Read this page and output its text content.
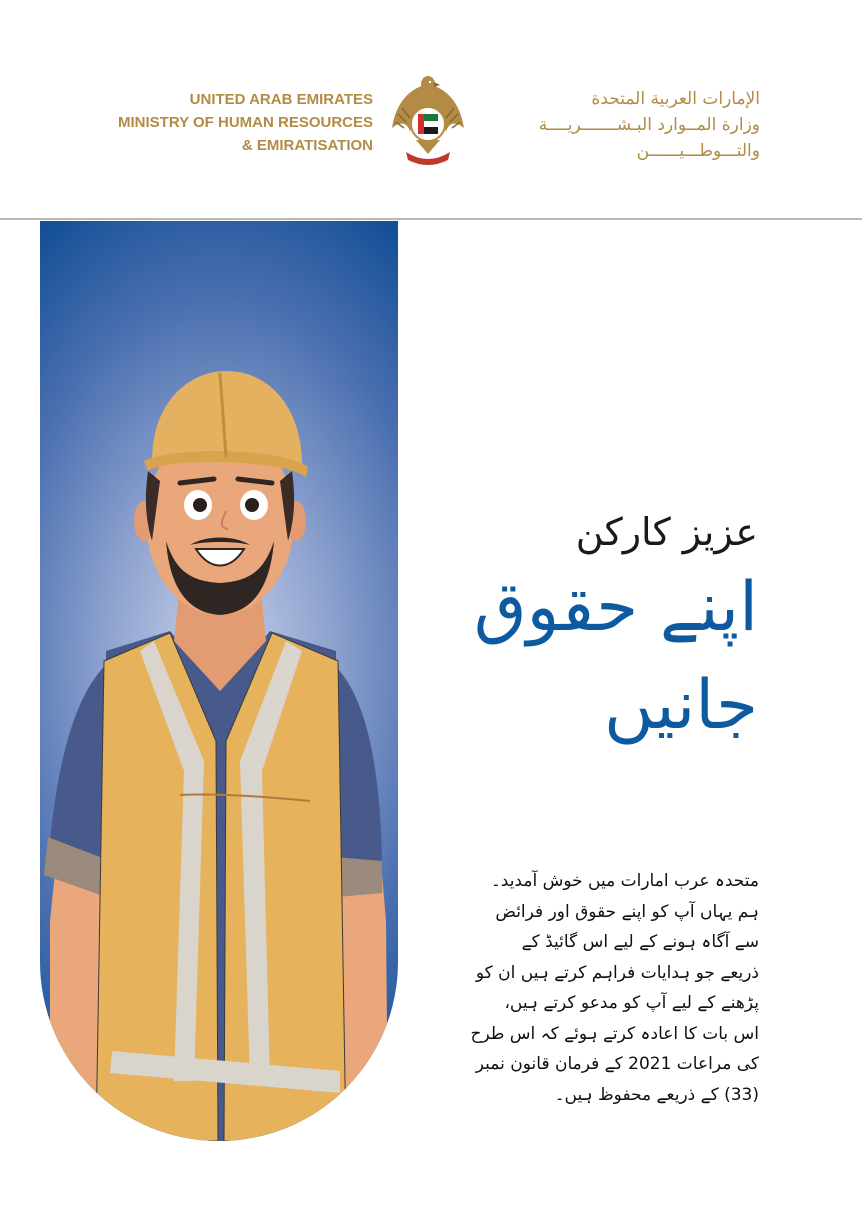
UNITED ARAB EMIRATES
MINISTRY OF HUMAN RESOURCES
& EMIRATISATION
الإمارات العربية المتحدة
وزارة المــوارد البـشـــــــريــــة
والتـــوطـــيــــــن
عزیز کارکن
اپنے حقوق
جانیں
متحدہ عرب امارات میں خوش آمدید۔
ہم یہاں آپ کو اپنے حقوق اور فرائض
سے آگاہ ہونے کے لیے اس گائیڈ کے
ذریعے جو ہدایات فراہم کرتے ہیں ان کو
پڑھنے کے لیے آپ کو مدعو کرتے ہیں،
اس بات کا اعادہ کرتے ہوئے کہ اس طرح
کی مراعات 2021 کے فرمان قانون نمبر
(33) کے ذریعے محفوظ ہیں۔
